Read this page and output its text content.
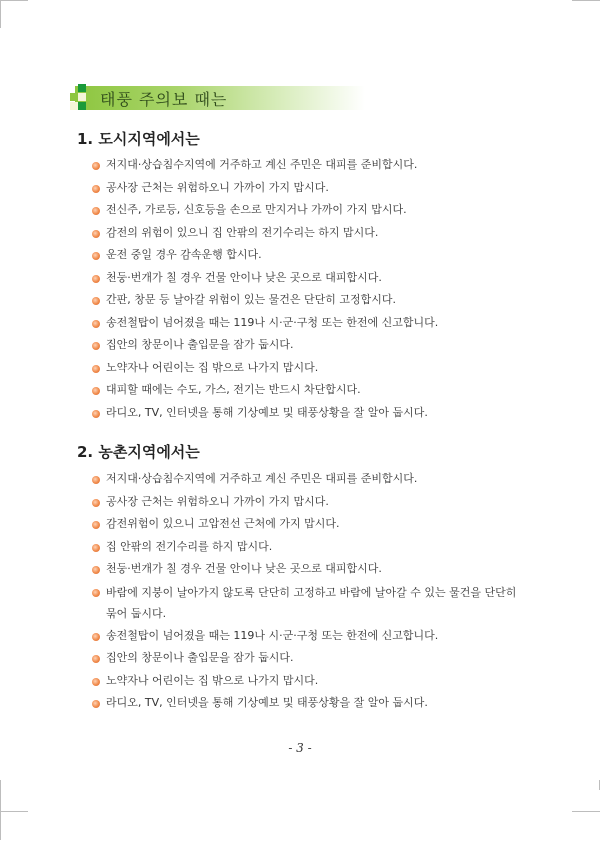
태풍 주의보 때는
1. 도시지역에서는
저지대·상습침수지역에 거주하고 계신 주민은 대피를 준비합시다.
공사장 근처는 위험하오니 가까이 가지 맙시다.
전신주, 가로등, 신호등을 손으로 만지거나 가까이 가지 맙시다.
감전의 위험이 있으니 집 안팎의 전기수리는 하지 맙시다.
운전 중일 경우 감속운행 합시다.
천둥·번개가 칠 경우 건물 안이나 낮은 곳으로 대피합시다.
간판, 창문 등 날아갈 위험이 있는 물건은 단단히 고정합시다.
송전철탑이 넘어졌을 때는 119나 시·군·구청 또는 한전에 신고합니다.
집안의 창문이나 출입문을 잠가 둡시다.
노약자나 어린이는 집 밖으로 나가지 맙시다.
대피할 때에는 수도, 가스, 전기는 반드시 차단합시다.
라디오, TV, 인터넷을 통해 기상예보 및 태풍상황을 잘 알아 둡시다.
2. 농촌지역에서는
저지대·상습침수지역에 거주하고 계신 주민은 대피를 준비합시다.
공사장 근처는 위험하오니 가까이 가지 맙시다.
감전위험이 있으니 고압전선 근처에 가지 맙시다.
집 안팎의 전기수리를 하지 맙시다.
천둥·번개가 칠 경우 건물 안이나 낮은 곳으로 대피합시다.
바람에 지붕이 날아가지 않도록 단단히 고정하고 바람에 날아갈 수 있는 물건을 단단히 묶어 둡시다.
송전철탑이 넘어졌을 때는 119나 시·군·구청 또는 한전에 신고합니다.
집안의 창문이나 출입문을 잠가 둡시다.
노약자나 어린이는 집 밖으로 나가지 맙시다.
라디오, TV, 인터넷을 통해 기상예보 및 태풍상황을 잘 알아 둡시다.
- 3 -
